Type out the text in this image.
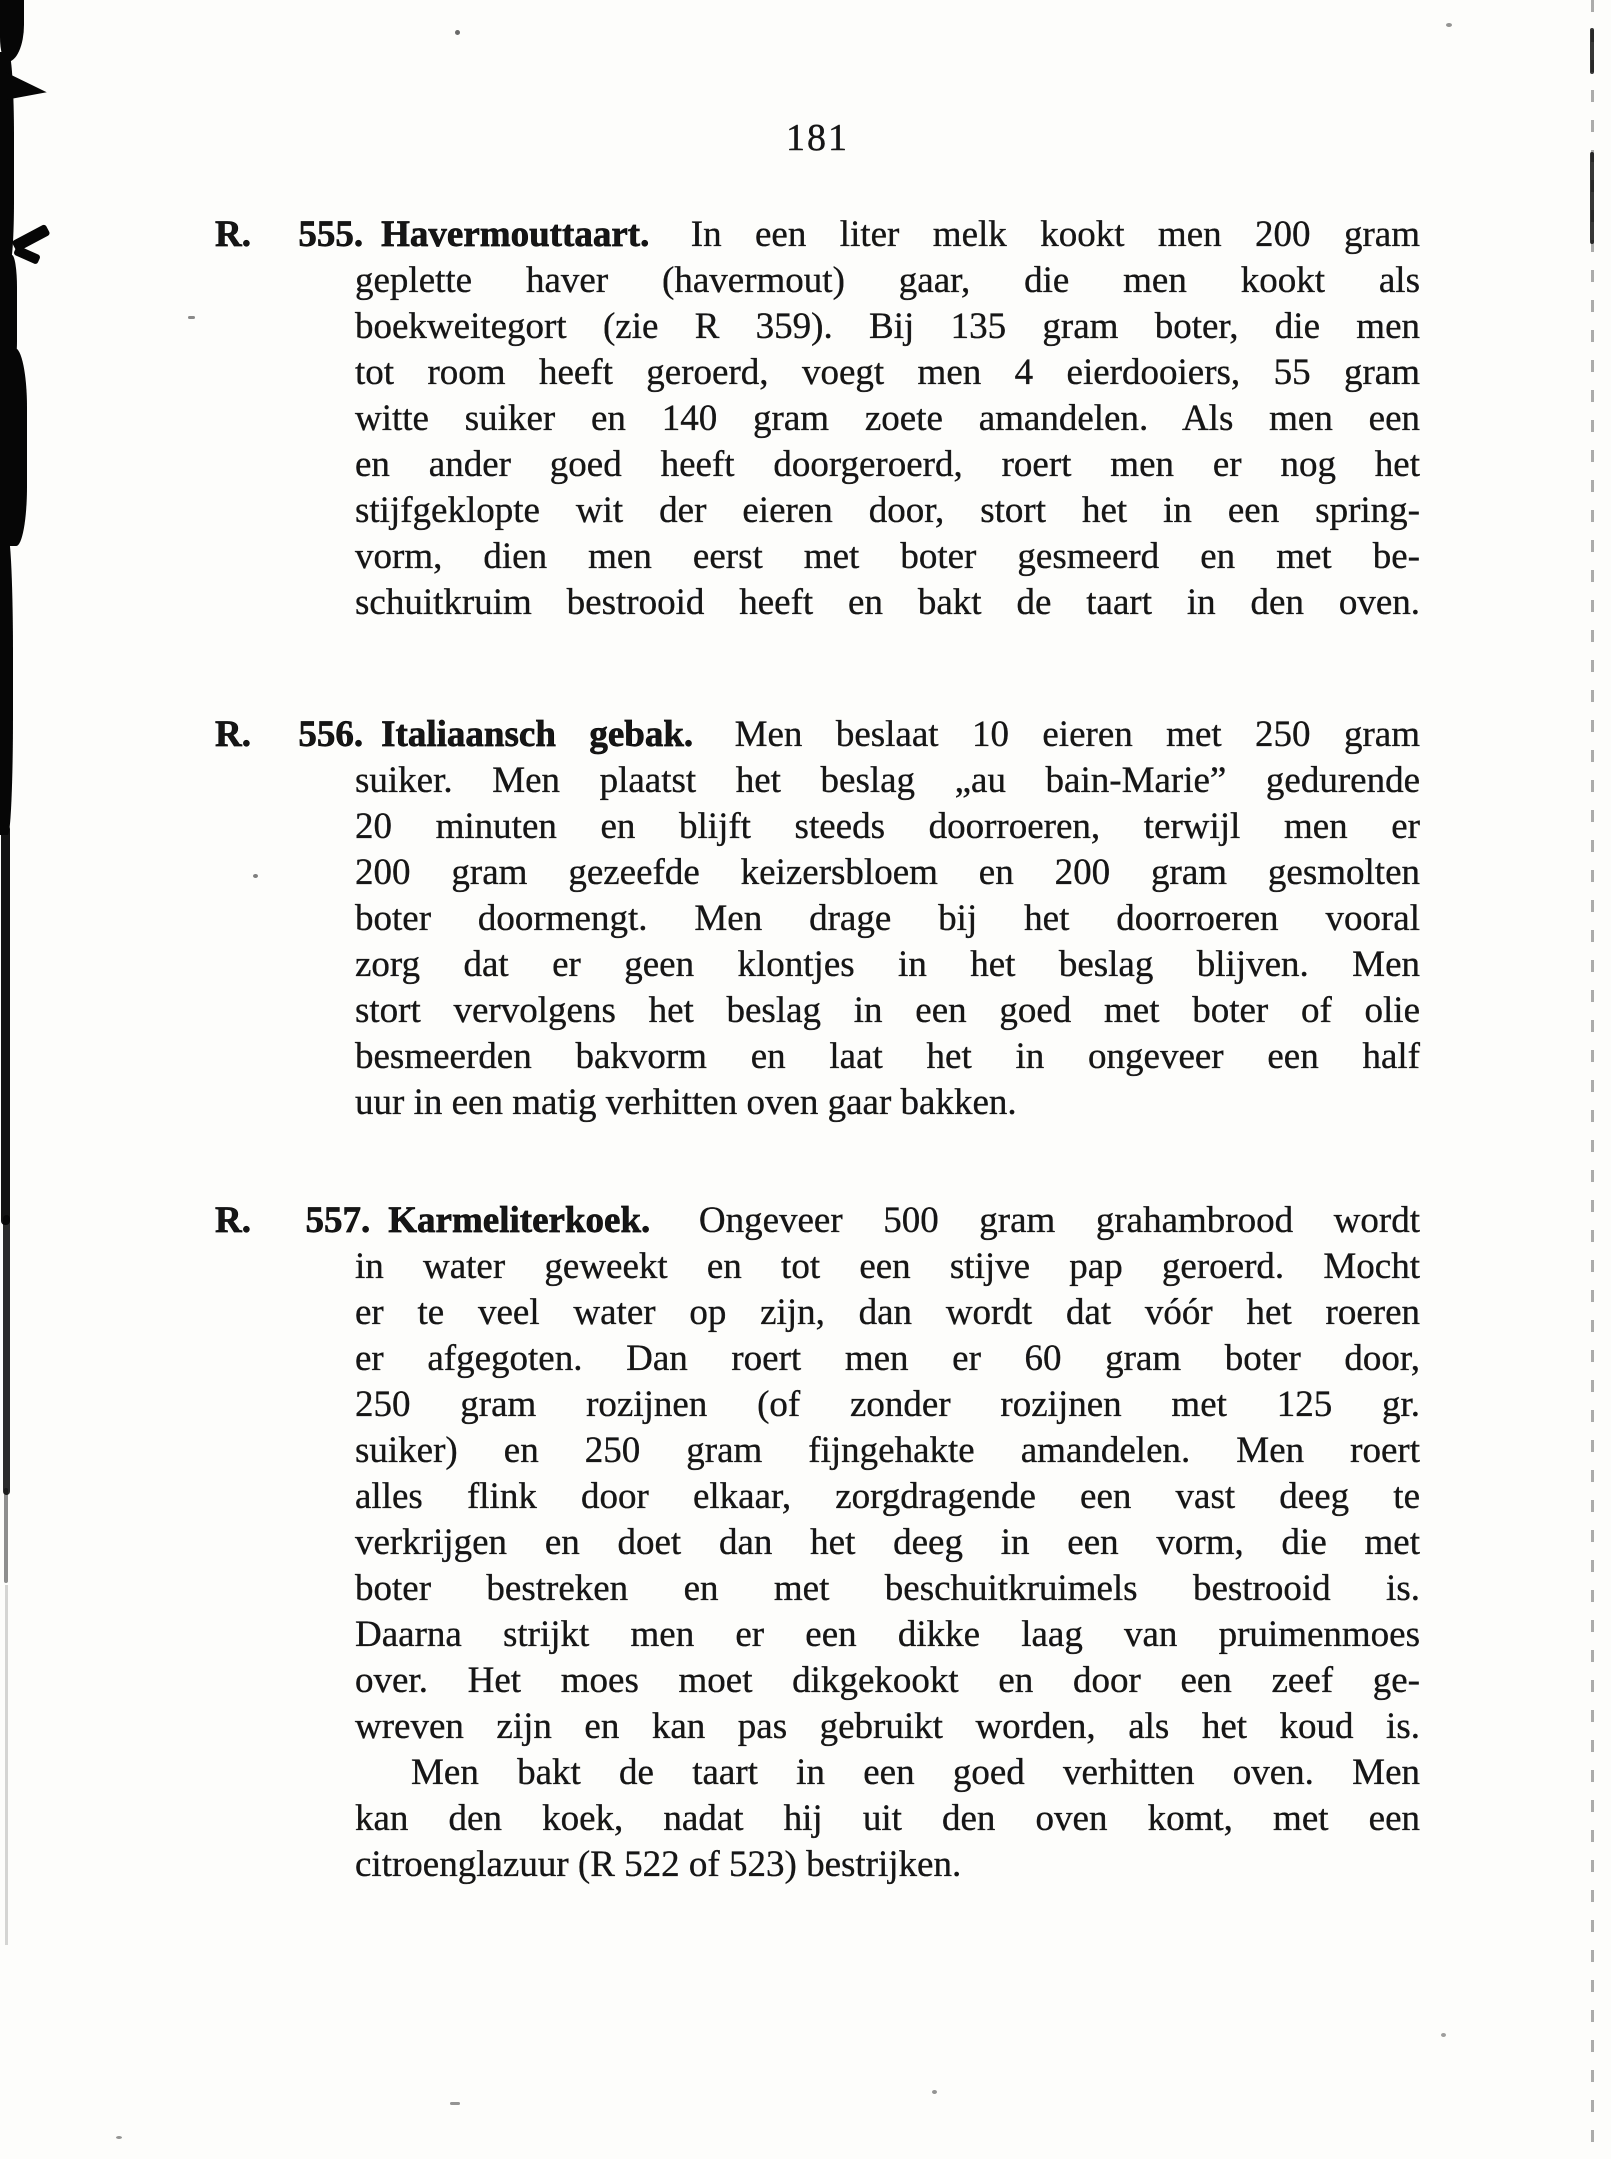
181
R. 555. Havermouttaart. In een liter melk kookt men 200 gram
geplette haver (havermout) gaar, die men kookt als
boekweitegort (zie R 359). Bij 135 gram boter, die men
tot room heeft geroerd, voegt men 4 eierdooiers, 55 gram
witte suiker en 140 gram zoete amandelen. Als men een
en ander goed heeft doorgeroerd, roert men er nog het
stijfgeklopte wit der eieren door, stort het in een spring-
vorm, dien men eerst met boter gesmeerd en met be-
schuitkruim bestrooid heeft en bakt de taart in den oven.
R. 556. Italiaansch gebak. Men beslaat 10 eieren met 250 gram
suiker. Men plaatst het beslag „au bain-Marie” gedurende
20 minuten en blijft steeds doorroeren, terwijl men er
200 gram gezeefde keizersbloem en 200 gram gesmolten
boter doormengt. Men drage bij het doorroeren vooral
zorg dat er geen klontjes in het beslag blijven. Men
stort vervolgens het beslag in een goed met boter of olie
besmeerden bakvorm en laat het in ongeveer een half
uur in een matig verhitten oven gaar bakken.
R. 557. Karmeliterkoek. Ongeveer 500 gram grahambrood wordt
in water geweekt en tot een stijve pap geroerd. Mocht
er te veel water op zijn, dan wordt dat vóór het roeren
er afgegoten. Dan roert men er 60 gram boter door,
250 gram rozijnen (of zonder rozijnen met 125 gr.
suiker) en 250 gram fijngehakte amandelen. Men roert
alles flink door elkaar, zorgdragende een vast deeg te
verkrijgen en doet dan het deeg in een vorm, die met
boter bestreken en met beschuitkruimels bestrooid is.
Daarna strijkt men er een dikke laag van pruimenmoes
over. Het moes moet dikgekookt en door een zeef ge-
wreven zijn en kan pas gebruikt worden, als het koud is.
Men bakt de taart in een goed verhitten oven. Men
kan den koek, nadat hij uit den oven komt, met een
citroenglazuur (R 522 of 523) bestrijken.
